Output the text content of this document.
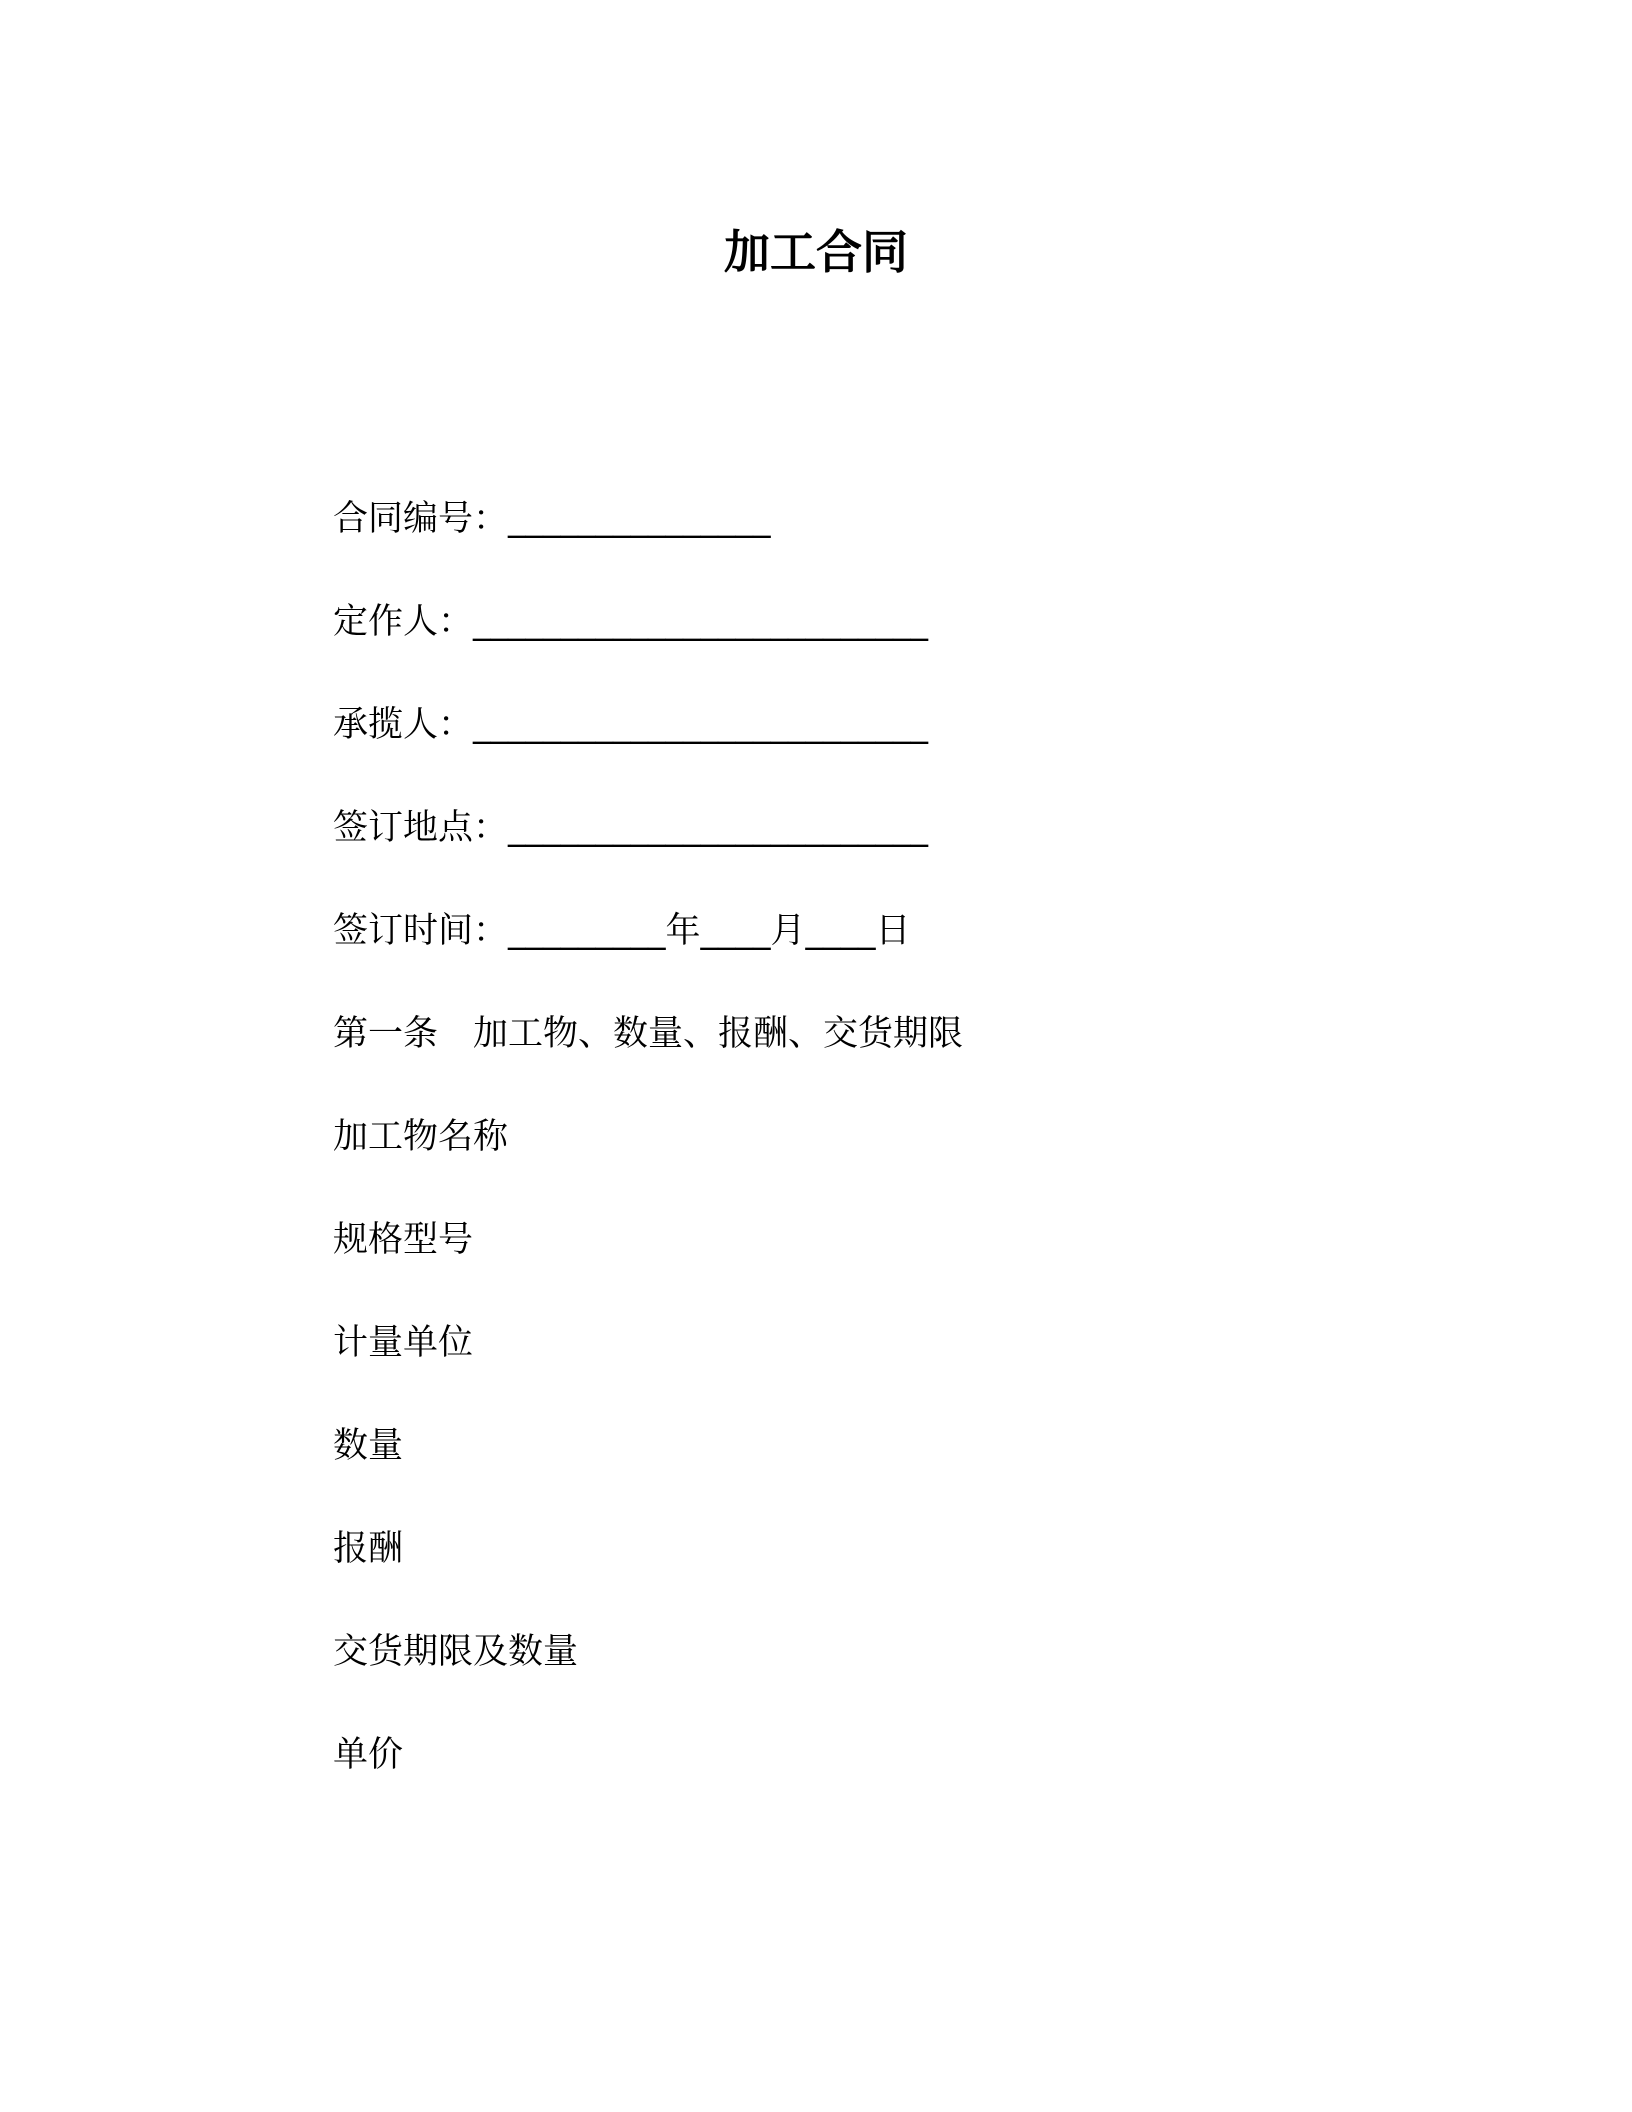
加工合同
合同编号：_______________
定作人：__________________________
承揽人：__________________________
签订地点：________________________
签订时间：_________年____月____日
第一条　加工物、数量、报酬、交货期限
加工物名称
规格型号
计量单位
数量
报酬
交货期限及数量
单价
